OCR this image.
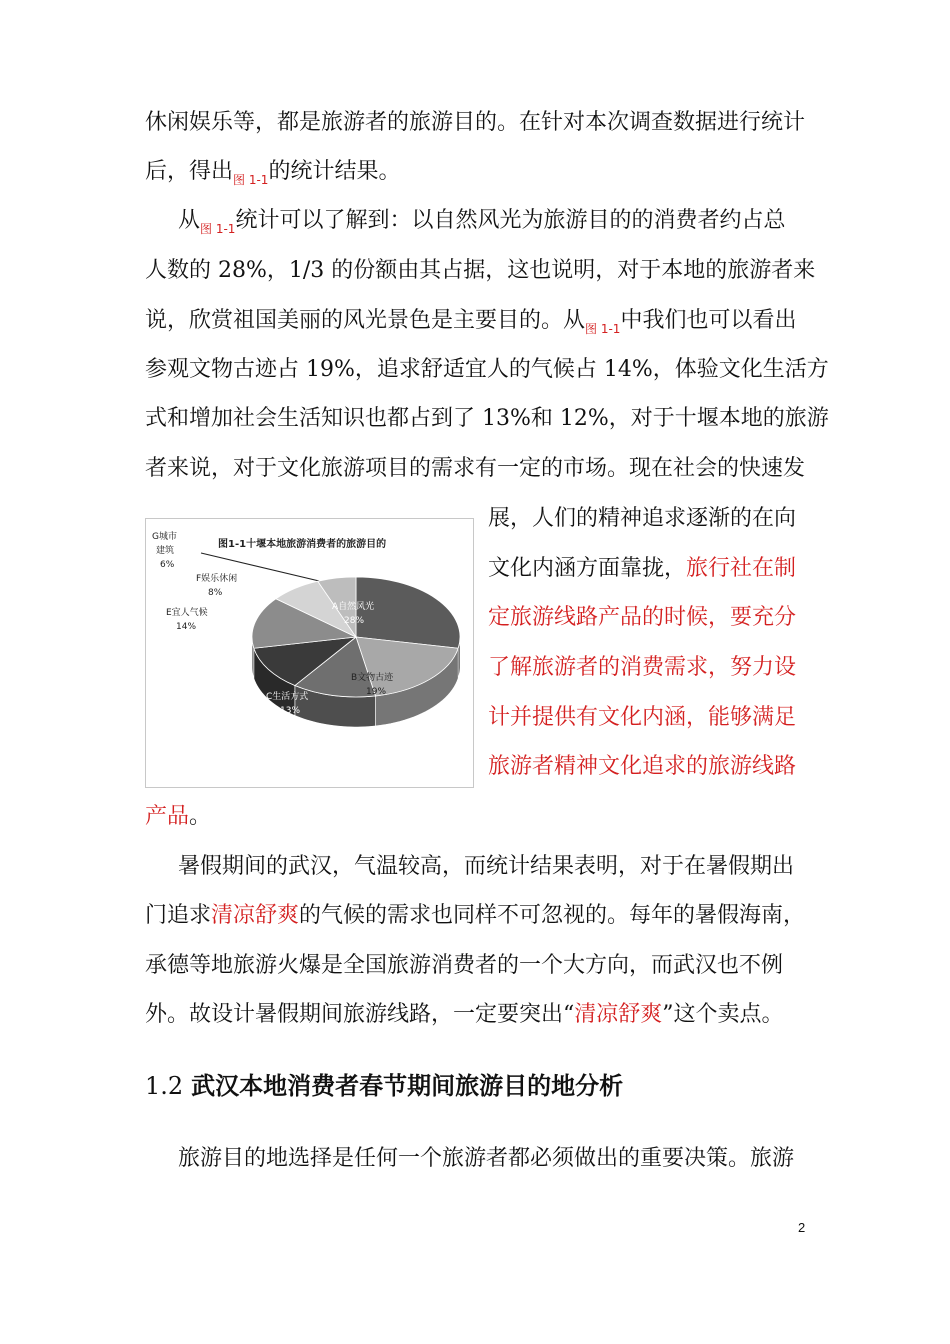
休闲娱乐等，都是旅游者的旅游目的。在针对本次调查数据进行统计
后，得出$_{图 1-1}$的统计结果。
从$_{图 1-1}$统计可以了解到：以自然风光为旅游目的的消费者约占总
人数的 28%，1/3 的份额由其占据，这也说明，对于本地的旅游者来
说，欣赏祖国美丽的风光景色是主要目的。从$_{图 1-1}$中我们也可以看出
参观文物古迹占 19%，追求舒适宜人的气候占 14%，体验文化生活方
式和增加社会生活知识也都占到了 13%和 12%，对于十堰本地的旅游
者来说，对于文化旅游项目的需求有一定的市场。现在社会的快速发
展，人们的精神追求逐渐的在向
文化内涵方面靠拢，旅行社在制
定旅游线路产品的时候，要充分
了解旅游者的消费需求，努力设
计并提供有文化内涵，能够满足
旅游者精神文化追求的旅游线路
产品。
图1-1十堰本地旅游消费者的旅游目的
G城市
建筑
6%
F娱乐休闲
8%
E宜人气候
14%
A自然风光
28%
B文物古迹
19%
C生活方式
13%
D生活知识
12%
暑假期间的武汉，气温较高，而统计结果表明，对于在暑假期出
门追求清凉舒爽的气候的需求也同样不可忽视的。每年的暑假海南，
承德等地旅游火爆是全国旅游消费者的一个大方向，而武汉也不例
外。故设计暑假期间旅游线路，一定要突出“清凉舒爽”这个卖点。
1.2 武汉本地消费者春节期间旅游目的地分析
旅游目的地选择是任何一个旅游者都必须做出的重要决策。旅游
2
